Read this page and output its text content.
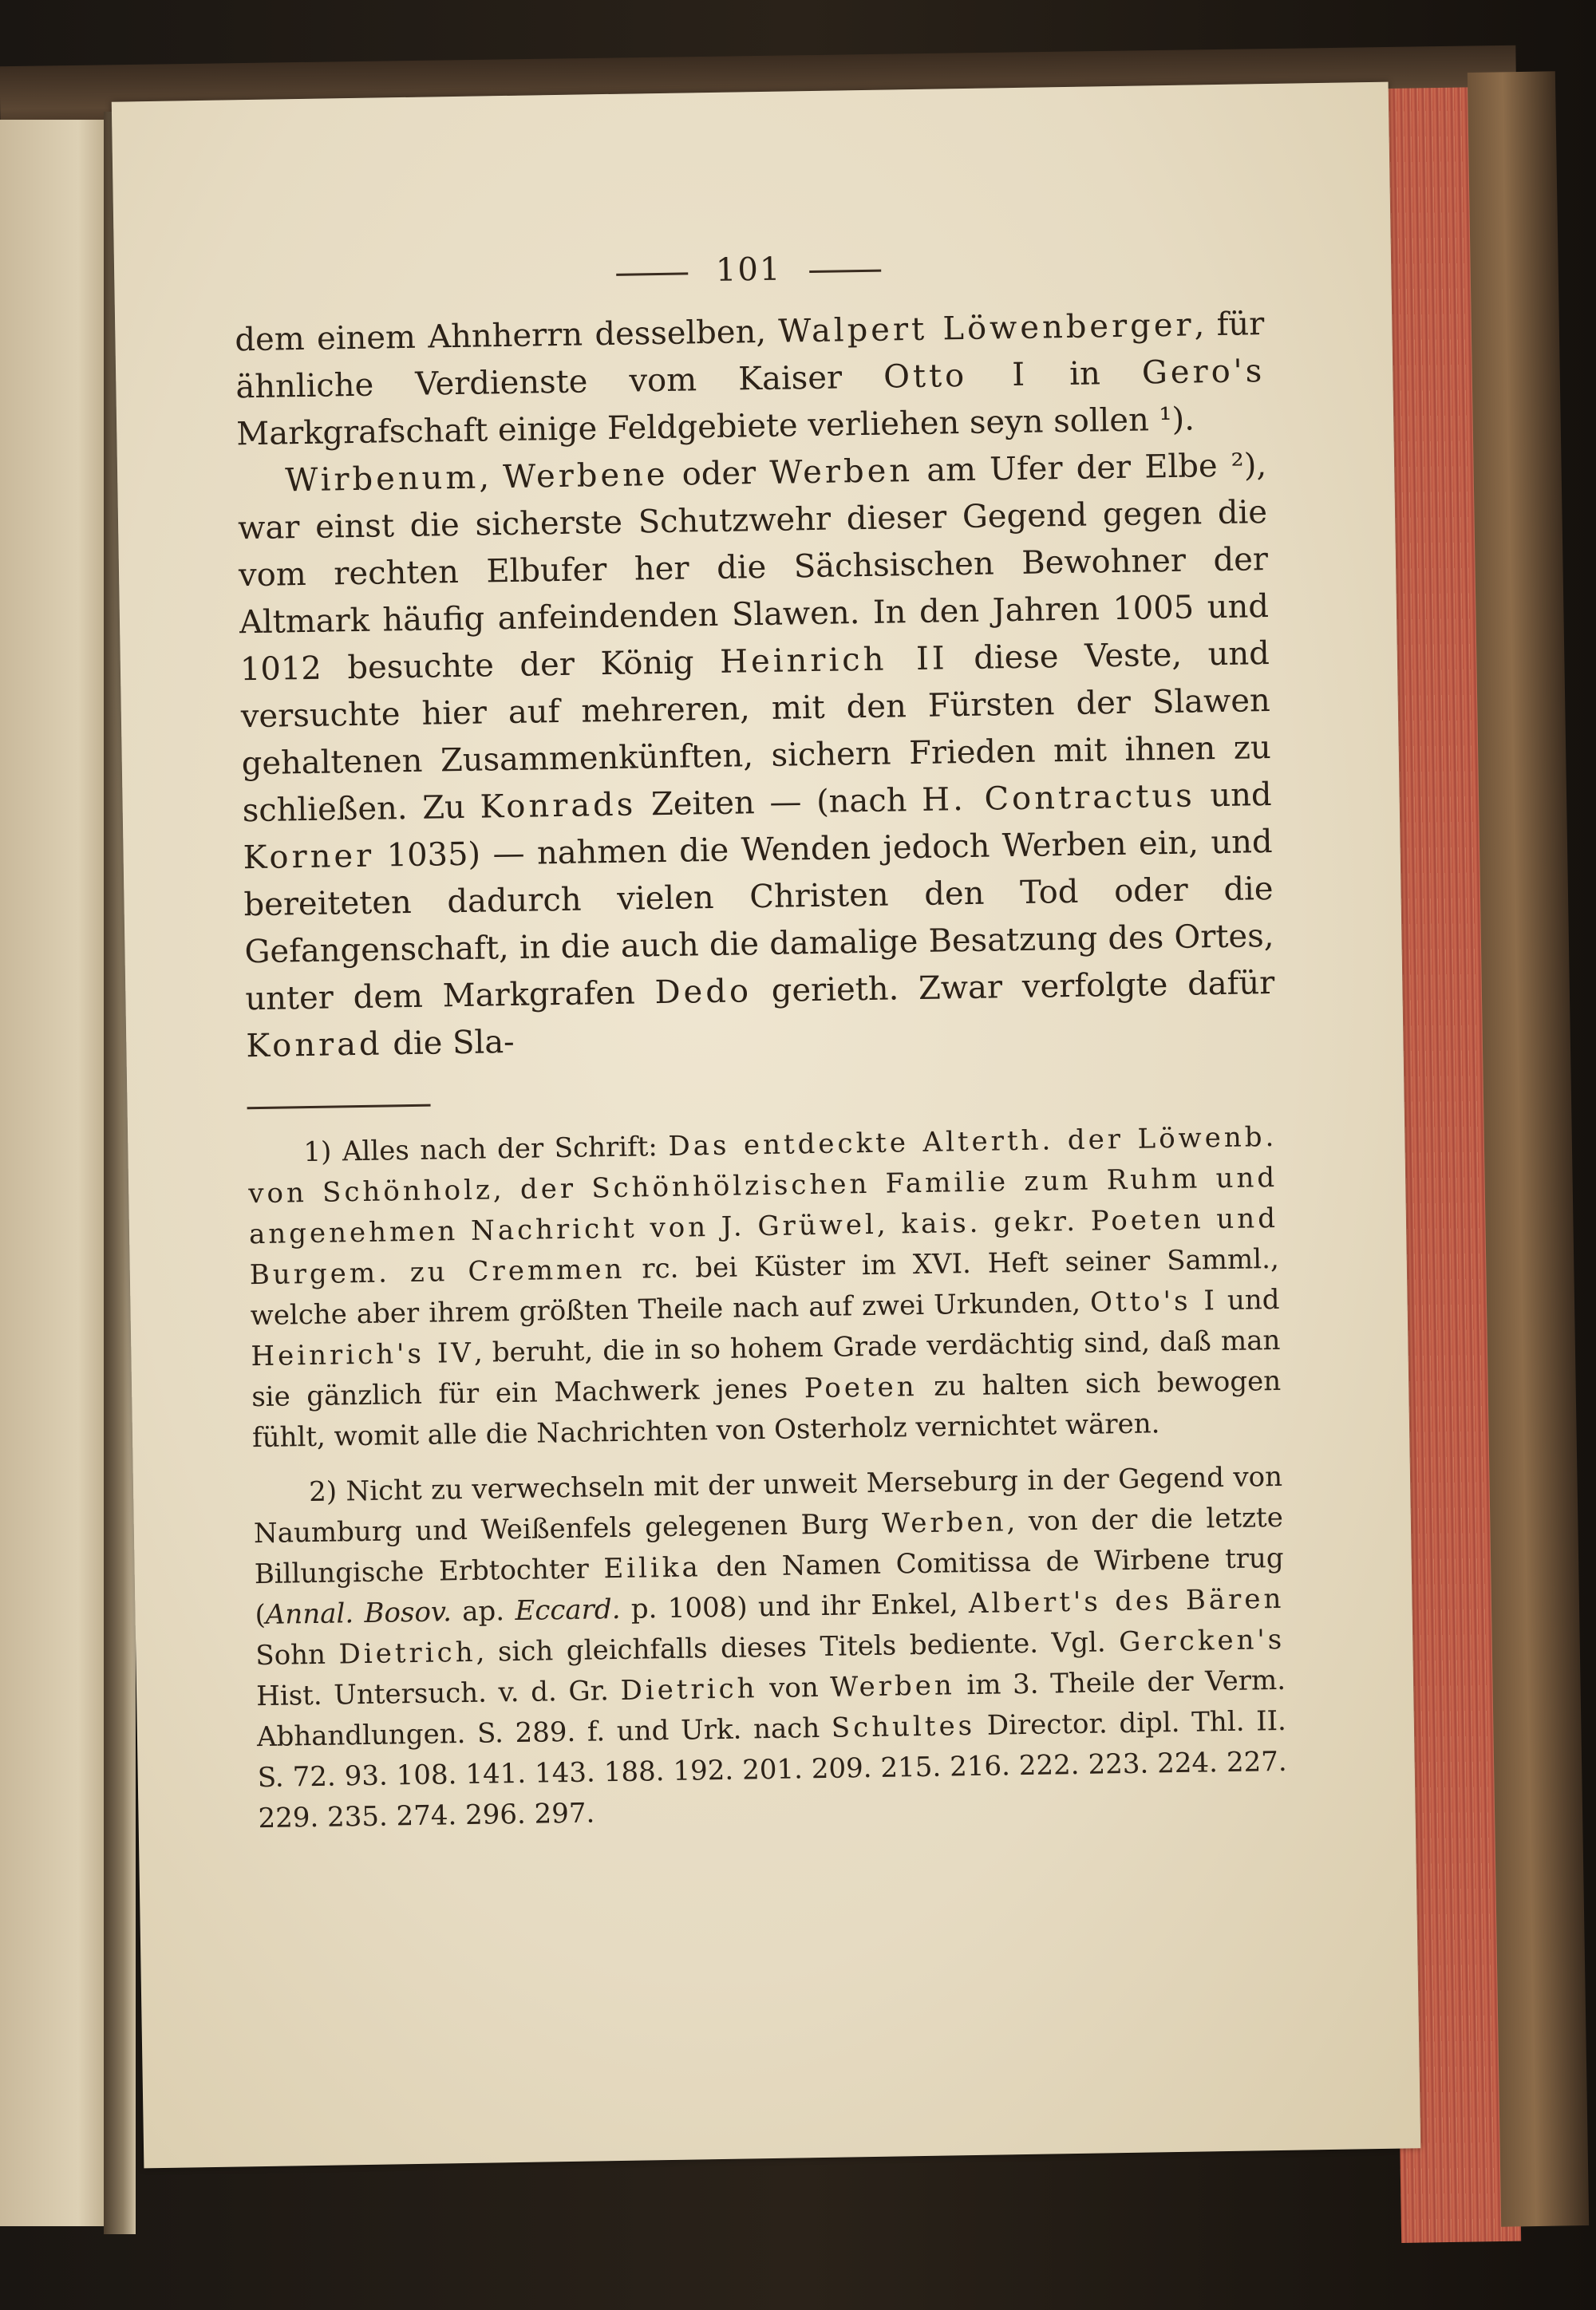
101

dem einem Ahnherrn desselben, Walpert Löwenberger, für ähnliche Verdienste vom Kaiser Otto I in Gero's Markgrafschaft einige Feldgebiete verliehen seyn sollen ¹).

Wirbenum, Werbene oder Werben am Ufer der Elbe ²), war einst die sicherste Schutzwehr dieser Gegend gegen die vom rechten Elbufer her die Sächsischen Bewohner der Altmark häufig anfeindenden Slawen. In den Jahren 1005 und 1012 besuchte der König Heinrich II diese Veste, und versuchte hier auf mehreren, mit den Fürsten der Slawen gehaltenen Zusammenkünften, sichern Frieden mit ihnen zu schließen. Zu Konrads Zeiten — (nach H. Contractus und Korner 1035) — nahmen die Wenden jedoch Werben ein, und bereiteten dadurch vielen Christen den Tod oder die Gefangenschaft, in die auch die damalige Besatzung des Ortes, unter dem Markgrafen Dedo gerieth. Zwar verfolgte dafür Konrad die Sla-

1) Alles nach der Schrift: Das entdeckte Alterth. der Löwenb. von Schönholz, der Schönhölzischen Familie zum Ruhm und angenehmen Nachricht von J. Grüwel, kais. gekr. Poeten und Burgem. zu Cremmen rc. bei Küster im XVI. Heft seiner Samml., welche aber ihrem größten Theile nach auf zwei Urkunden, Otto's I und Heinrich's IV, beruht, die in so hohem Grade verdächtig sind, daß man sie gänzlich für ein Machwerk jenes Poeten zu halten sich bewogen fühlt, womit alle die Nachrichten von Osterholz vernichtet wären.

2) Nicht zu verwechseln mit der unweit Merseburg in der Gegend von Naumburg und Weißenfels gelegenen Burg Werben, von der die letzte Billungische Erbtochter Eilika den Namen Comitissa de Wirbene trug (Annal. Bosov. ap. Eccard. p. 1008) und ihr Enkel, Albert's des Bären Sohn Dietrich, sich gleichfalls dieses Titels bediente. Vgl. Gercken's Hist. Untersuch. v. d. Gr. Dietrich von Werben im 3. Theile der Verm. Abhandlungen. S. 289. f. und Urk. nach Schultes Director. dipl. Thl. II. S. 72. 93. 108. 141. 143. 188. 192. 201. 209. 215. 216. 222. 223. 224. 227. 229. 235. 274. 296. 297.
